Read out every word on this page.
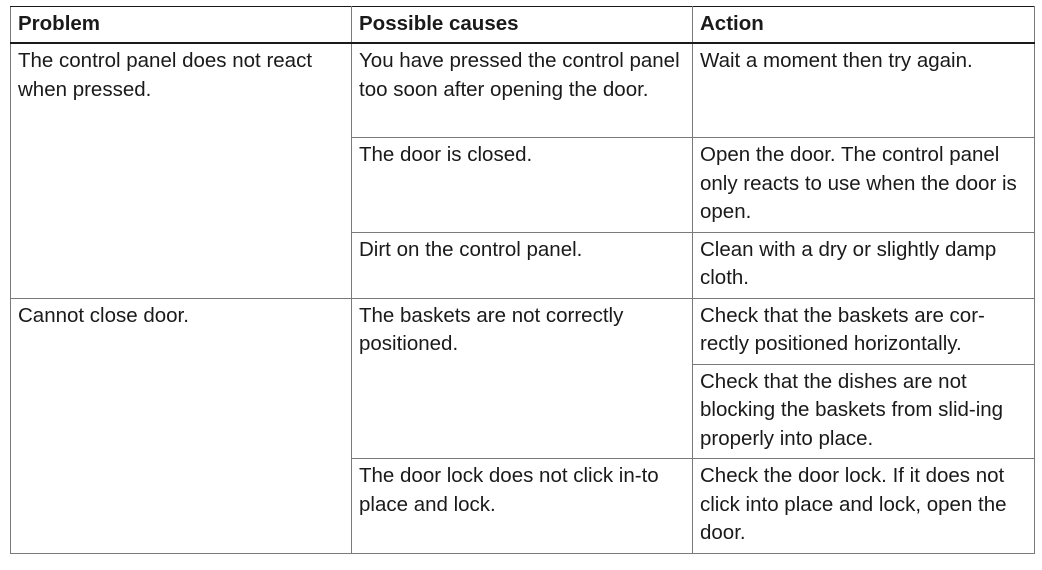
Problem	Possible causes	Action
The control panel does not react when pressed.	You have pressed the control panel too soon after opening the door.	Wait a moment then try again.
	The door is closed.	Open the door. The control panel only reacts to use when the door is open.
	Dirt on the control panel.	Clean with a dry or slightly damp cloth.
Cannot close door.	The baskets are not correctly positioned.	Check that the baskets are cor-rectly positioned horizontally.
		Check that the dishes are not blocking the baskets from slid-ing properly into place.
	The door lock does not click in-to place and lock.	Check the door lock. If it does not click into place and lock, open the door.
